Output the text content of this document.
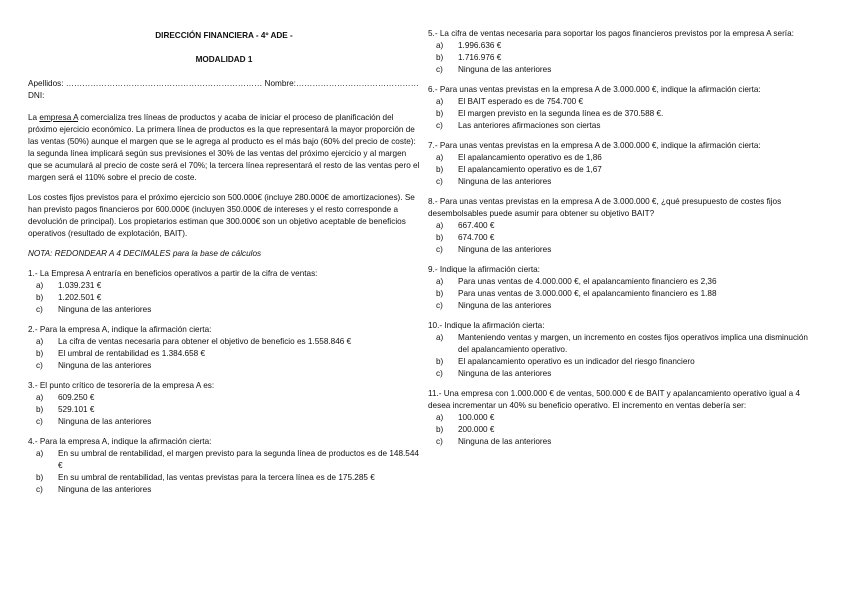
DIRECCIÓN FINANCIERA - 4º ADE -
MODALIDAD 1
Apellidos: ……………………………………………………………… Nombre:……………………………………… DNI:

La empresa A comercializa tres líneas de productos y acaba de iniciar el proceso de planificación del próximo ejercicio económico. La primera línea de productos es la que representará la mayor proporción de las ventas (50%) aunque el margen que se le agrega al producto es el más bajo (60% del precio de coste): la segunda línea implicará según sus previsiones el 30% de las ventas del próximo ejercicio y al margen que se acumulará al precio de coste será el 70%; la tercera línea representará el resto de las ventas pero el margen será el 110% sobre el precio de coste.

Los costes fijos previstos para el próximo ejercicio son 500.000€ (incluye 280.000€ de amortizaciones). Se han previsto pagos financieros por 600.000€ (incluyen 350.000€ de intereses y el resto corresponde a devolución de principal). Los propietarios estiman que 300.000€ son un objetivo aceptable de beneficios operativos (resultado de explotación, BAIT).

NOTA: REDONDEAR A 4 DECIMALES para la base de cálculos

1.- La Empresa A entraría en beneficios operativos a partir de la cifra de ventas:
a)	1.039.231 €
b)	1.202.501 €
c)	Ninguna de las anteriores
2.- Para la empresa A, indique la afirmación cierta:
a)	La cifra de ventas necesaria para obtener el objetivo de beneficio es 1.558.846 €
b)	El umbral de rentabilidad es 1.384.658 €
c)	Ninguna de las anteriores
3.- El punto crítico de tesorería de la empresa A es:
a)	609.250 €
b)	529.101 €
c)	Ninguna de las anteriores
4.- Para la empresa A, indique la afirmación cierta:
a)	En su umbral de rentabilidad, el margen previsto para la segunda línea de productos es de 148.544 €
b)	En su umbral de rentabilidad, las ventas previstas para la tercera línea es de 175.285 €
c)	Ninguna de las anteriores
5.- La cifra de ventas necesaria para soportar los pagos financieros previstos por la empresa A sería:
a)	1.996.636 €
b)	1.716.976 €
c)	Ninguna de las anteriores
6.- Para unas ventas previstas en la empresa A de 3.000.000 €, indique la afirmación cierta:
a)	El BAIT esperado es de 754.700 €
b)	El margen previsto en la segunda línea es de 370.588 €.
c)	Las anteriores afirmaciones son ciertas
7.- Para unas ventas previstas en la empresa A de 3.000.000 €, indique la afirmación cierta:
a)	El apalancamiento operativo es de 1,86
b)	El apalancamiento operativo es de 1,67
c)	Ninguna de las anteriores
8.- Para unas ventas previstas en la empresa A de 3.000.000 €, ¿qué presupuesto de costes fijos desembolsables puede asumir para obtener su objetivo BAIT?
a)	667.400 €
b)	674.700 €
c)	Ninguna de las anteriores
9.- Indique la afirmación cierta:
a)	Para unas ventas de 4.000.000 €, el apalancamiento financiero es 2,36
b)	Para unas ventas de 3.000.000 €, el apalancamiento financiero es 1.88
c)	Ninguna de las anteriores
10.- Indique la afirmación cierta:
a)	Manteniendo ventas y margen, un incremento en costes fijos operativos implica una disminución del apalancamiento operativo.
b)	El apalancamiento operativo es un indicador del riesgo financiero
c)	Ninguna de las anteriores
11.- Una empresa con 1.000.000 € de ventas, 500.000 € de BAIT y apalancamiento operativo igual a 4 desea incrementar un 40% su beneficio operativo. El incremento en ventas debería ser:
a)	100.000 €
b)	200.000 €
c)	Ninguna de las anteriores
